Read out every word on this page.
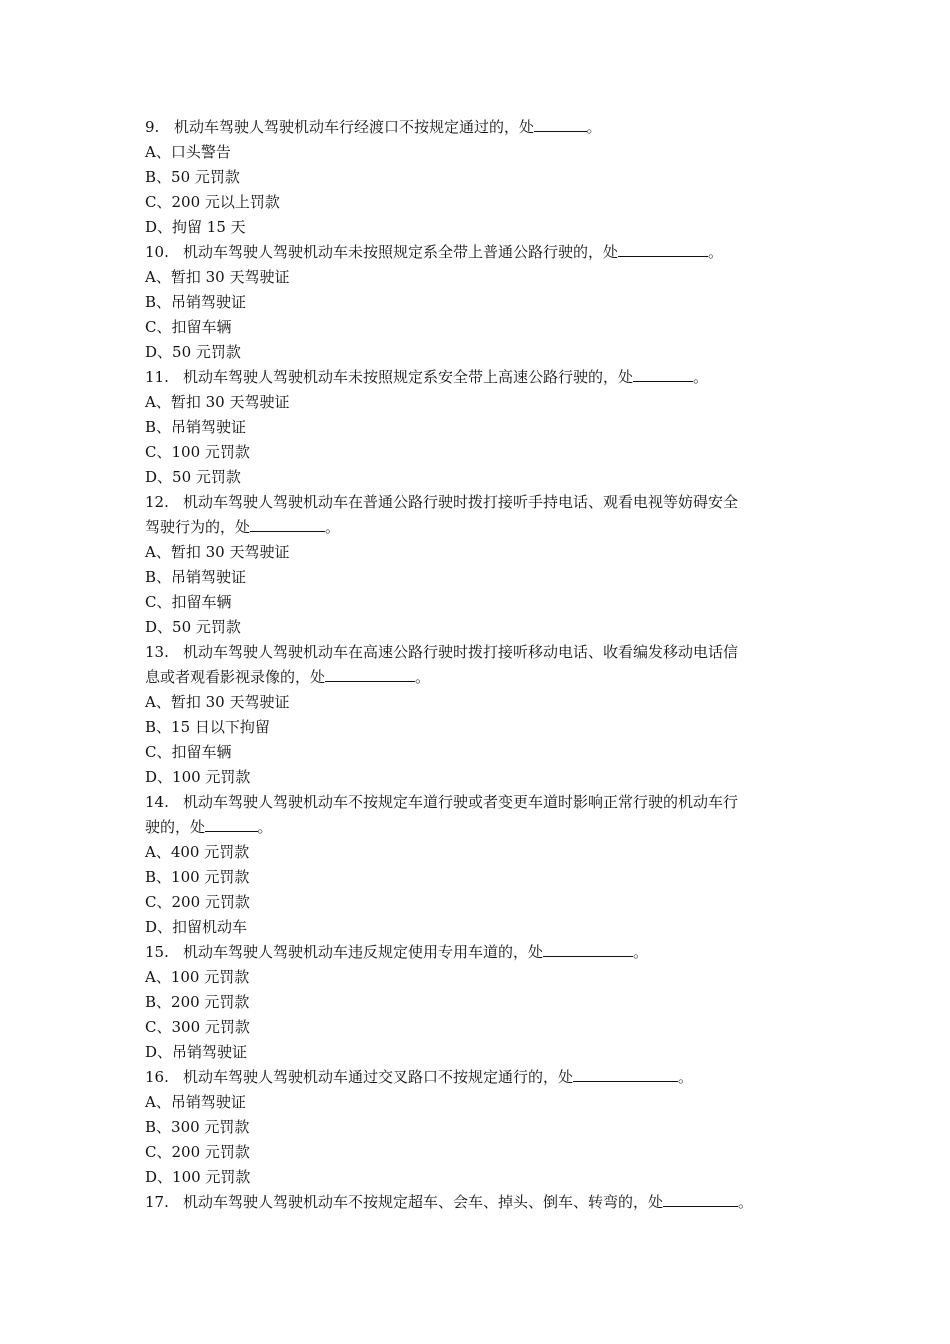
9. 机动车驾驶人驾驶机动车行经渡口不按规定通过的，处	。
A、口头警告
B、50 元罚款
C、200 元以上罚款
D、拘留 15 天
10. 机动车驾驶人驾驶机动车未按照规定系全带上普通公路行驶的，处	。
A、暂扣 30 天驾驶证
B、吊销驾驶证
C、扣留车辆
D、50 元罚款
11. 机动车驾驶人驾驶机动车未按照规定系安全带上高速公路行驶的，处	。
A、暂扣 30 天驾驶证
B、吊销驾驶证
C、100 元罚款
D、50 元罚款
12. 机动车驾驶人驾驶机动车在普通公路行驶时拨打接听手持电话、观看电视等妨碍安全
驾驶行为的，处	。
A、暂扣 30 天驾驶证
B、吊销驾驶证
C、扣留车辆
D、50 元罚款
13. 机动车驾驶人驾驶机动车在高速公路行驶时拨打接听移动电话、收看编发移动电话信
息或者观看影视录像的，处	。
A、暂扣 30 天驾驶证
B、15 日以下拘留
C、扣留车辆
D、100 元罚款
14. 机动车驾驶人驾驶机动车不按规定车道行驶或者变更车道时影响正常行驶的机动车行
驶的，处	。
A、400 元罚款
B、100 元罚款
C、200 元罚款
D、扣留机动车
15. 机动车驾驶人驾驶机动车违反规定使用专用车道的，处	。
A、100 元罚款
B、200 元罚款
C、300 元罚款
D、吊销驾驶证
16. 机动车驾驶人驾驶机动车通过交叉路口不按规定通行的，处	。
A、吊销驾驶证
B、300 元罚款
C、200 元罚款
D、100 元罚款
17. 机动车驾驶人驾驶机动车不按规定超车、会车、掉头、倒车、转弯的，处	。
